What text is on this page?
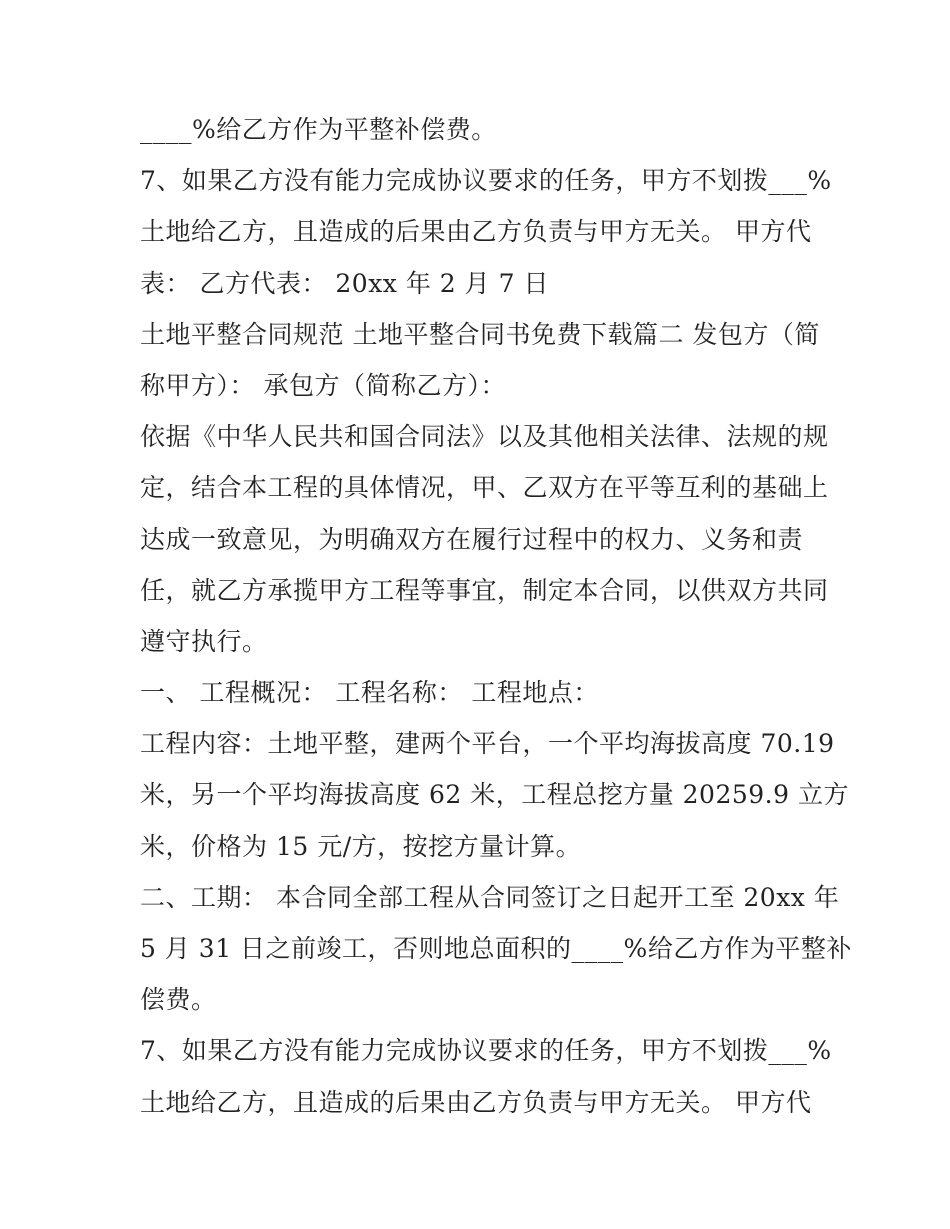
____%给乙方作为平整补偿费。
7、如果乙方没有能力完成协议要求的任务，甲方不划拨___%
土地给乙方，且造成的后果由乙方负责与甲方无关。 甲方代
表： 乙方代表： 20xx 年 2 月 7 日
土地平整合同规范 土地平整合同书免费下载篇二 发包方（简
称甲方）： 承包方（简称乙方）：
依据《中华人民共和国合同法》以及其他相关法律、法规的规
定，结合本工程的具体情况，甲、乙双方在平等互利的基础上
达成一致意见，为明确双方在履行过程中的权力、义务和责
任，就乙方承揽甲方工程等事宜，制定本合同，以供双方共同
遵守执行。
一、 工程概况： 工程名称： 工程地点：
工程内容：土地平整，建两个平台，一个平均海拔高度 70.19
米，另一个平均海拔高度 62 米，工程总挖方量 20259.9 立方
米，价格为 15 元/方，按挖方量计算。
二、工期： 本合同全部工程从合同签订之日起开工至 20xx 年
5 月 31 日之前竣工，否则地总面积的____%给乙方作为平整补
偿费。
7、如果乙方没有能力完成协议要求的任务，甲方不划拨___%
土地给乙方，且造成的后果由乙方负责与甲方无关。 甲方代
